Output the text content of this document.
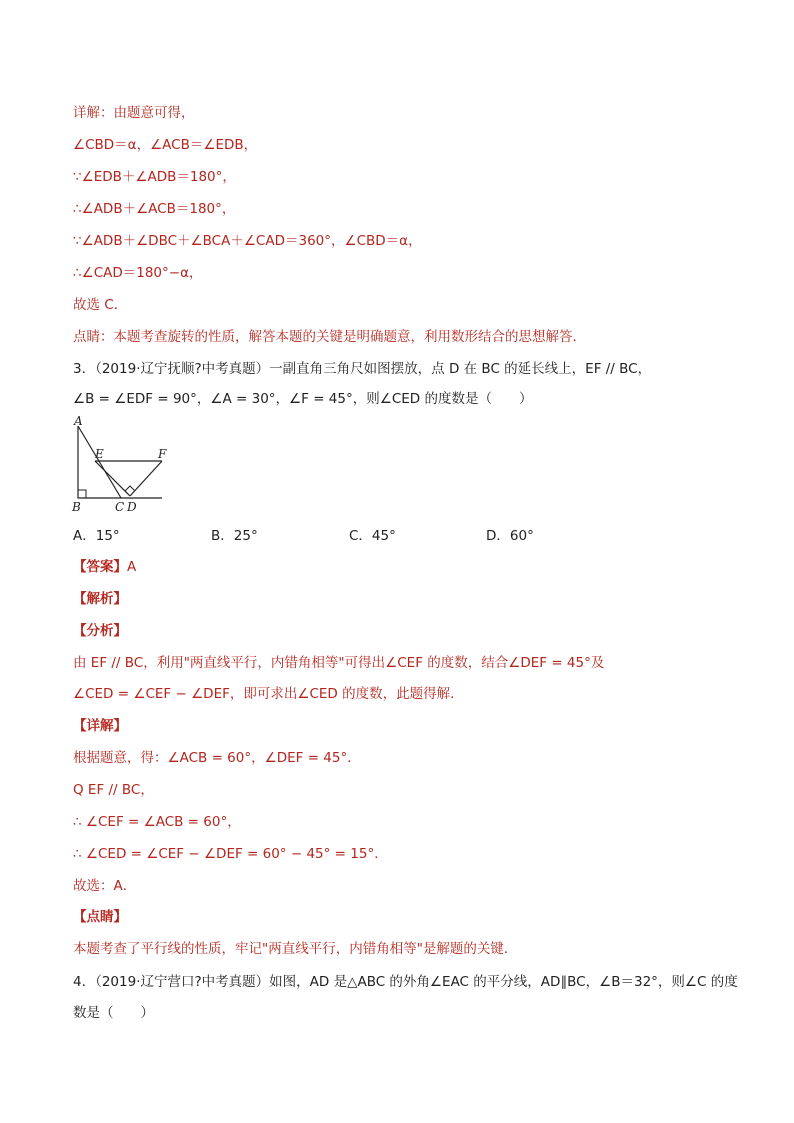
详解：由题意可得，
∠CBD＝α，∠ACB＝∠EDB，
∵∠EDB＋∠ADB＝180°，
∴∠ADB＋∠ACB＝180°，
∵∠ADB＋∠DBC＋∠BCA＋∠CAD＝360°，∠CBD＝α，
∴∠CAD＝180°−α，
故选 C．
点睛：本题考查旋转的性质，解答本题的关键是明确题意，利用数形结合的思想解答．
3．（2019·辽宁抚顺?中考真题）一副直角三角尺如图摆放，点 D 在 BC 的延长线上，EF // BC，
∠B = ∠EDF = 90°，∠A = 30°，∠F = 45°，则∠CED 的度数是（　　）
A
B	C D
E	F
A．15°	B．25°	C．45°	D．60°
【答案】A
【解析】
【分析】
由 EF // BC，利用"两直线平行，内错角相等"可得出∠CEF 的度数，结合∠DEF = 45°及
∠CED = ∠CEF − ∠DEF，即可求出∠CED 的度数，此题得解．
【详解】
根据题意，得：∠ACB = 60°，∠DEF = 45°．
Q EF // BC，
∴ ∠CEF = ∠ACB = 60°，
∴ ∠CED = ∠CEF − ∠DEF = 60° − 45° = 15°．
故选：A．
【点睛】
本题考查了平行线的性质，牢记"两直线平行，内错角相等"是解题的关键．
4．（2019·辽宁营口?中考真题）如图，AD 是△ABC 的外角∠EAC 的平分线，AD∥BC，∠B＝32°，则∠C 的度
数是（　　）
